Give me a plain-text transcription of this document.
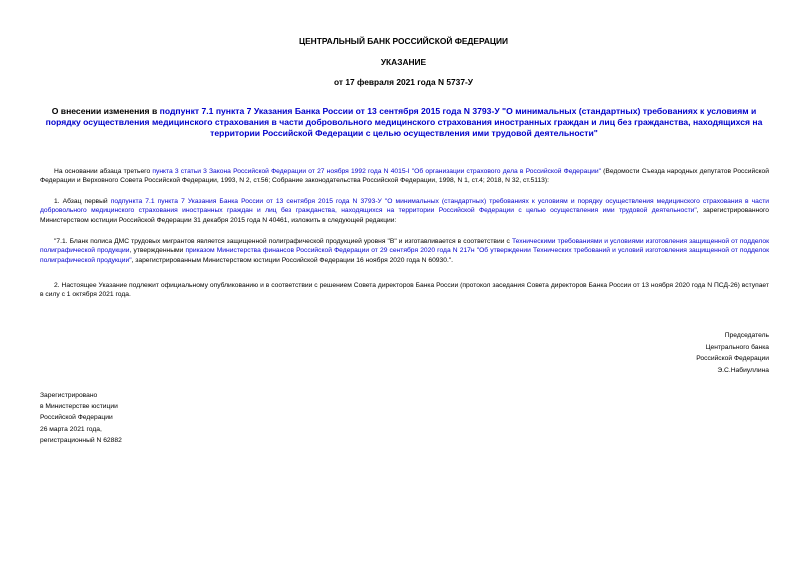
ЦЕНТРАЛЬНЫЙ БАНК РОССИЙСКОЙ ФЕДЕРАЦИИ
УКАЗАНИЕ
от 17 февраля 2021 года N 5737-У
О внесении изменения в подпункт 7.1 пункта 7 Указания Банка России от 13 сентября 2015 года N 3793-У "О минимальных (стандартных) требованиях к условиям и порядку осуществления медицинского страхования в части добровольного медицинского страхования иностранных граждан и лиц без гражданства, находящихся на территории Российской Федерации с целью осуществления ими трудовой деятельности"
На основании абзаца третьего пункта 3 статьи 3 Закона Российской Федерации от 27 ноября 1992 года N 4015-I "Об организации страхового дела в Российской Федерации" (Ведомости Съезда народных депутатов Российской Федерации и Верховного Совета Российской Федерации, 1993, N 2, ст.56; Собрание законодательства Российской Федерации, 1998, N 1, ст.4; 2018, N 32, ст.5113):
1. Абзац первый подпункта 7.1 пункта 7 Указания Банка России от 13 сентября 2015 года N 3793-У "О минимальных (стандартных) требованиях к условиям и порядку осуществления медицинского страхования в части добровольного медицинского страхования иностранных граждан и лиц без гражданства, находящихся на территории Российской Федерации с целью осуществления ими трудовой деятельности", зарегистрированного Министерством юстиции Российской Федерации 31 декабря 2015 года N 40461, изложить в следующей редакции:
"7.1. Бланк полиса ДМС трудовых мигрантов является защищенной полиграфической продукцией уровня "В" и изготавливается в соответствии с Техническими требованиями и условиями изготовления защищенной от подделок полиграфической продукции, утвержденными приказом Министерства финансов Российской Федерации от 29 сентября 2020 года N 217н "Об утверждении Технических требований и условий изготовления защищенной от подделок полиграфической продукции", зарегистрированным Министерством юстиции Российской Федерации 16 ноября 2020 года N 60930.".
2. Настоящее Указание подлежит официальному опубликованию и в соответствии с решением Совета директоров Банка России (протокол заседания Совета директоров Банка России от 13 ноября 2020 года N ПСД-26) вступает в силу с 1 октября 2021 года.
Председатель
Центрального банка
Российской Федерации
Э.С.Набиуллина
Зарегистрировано
в Министерстве юстиции
Российской Федерации
26 марта 2021 года,
регистрационный N 62882
